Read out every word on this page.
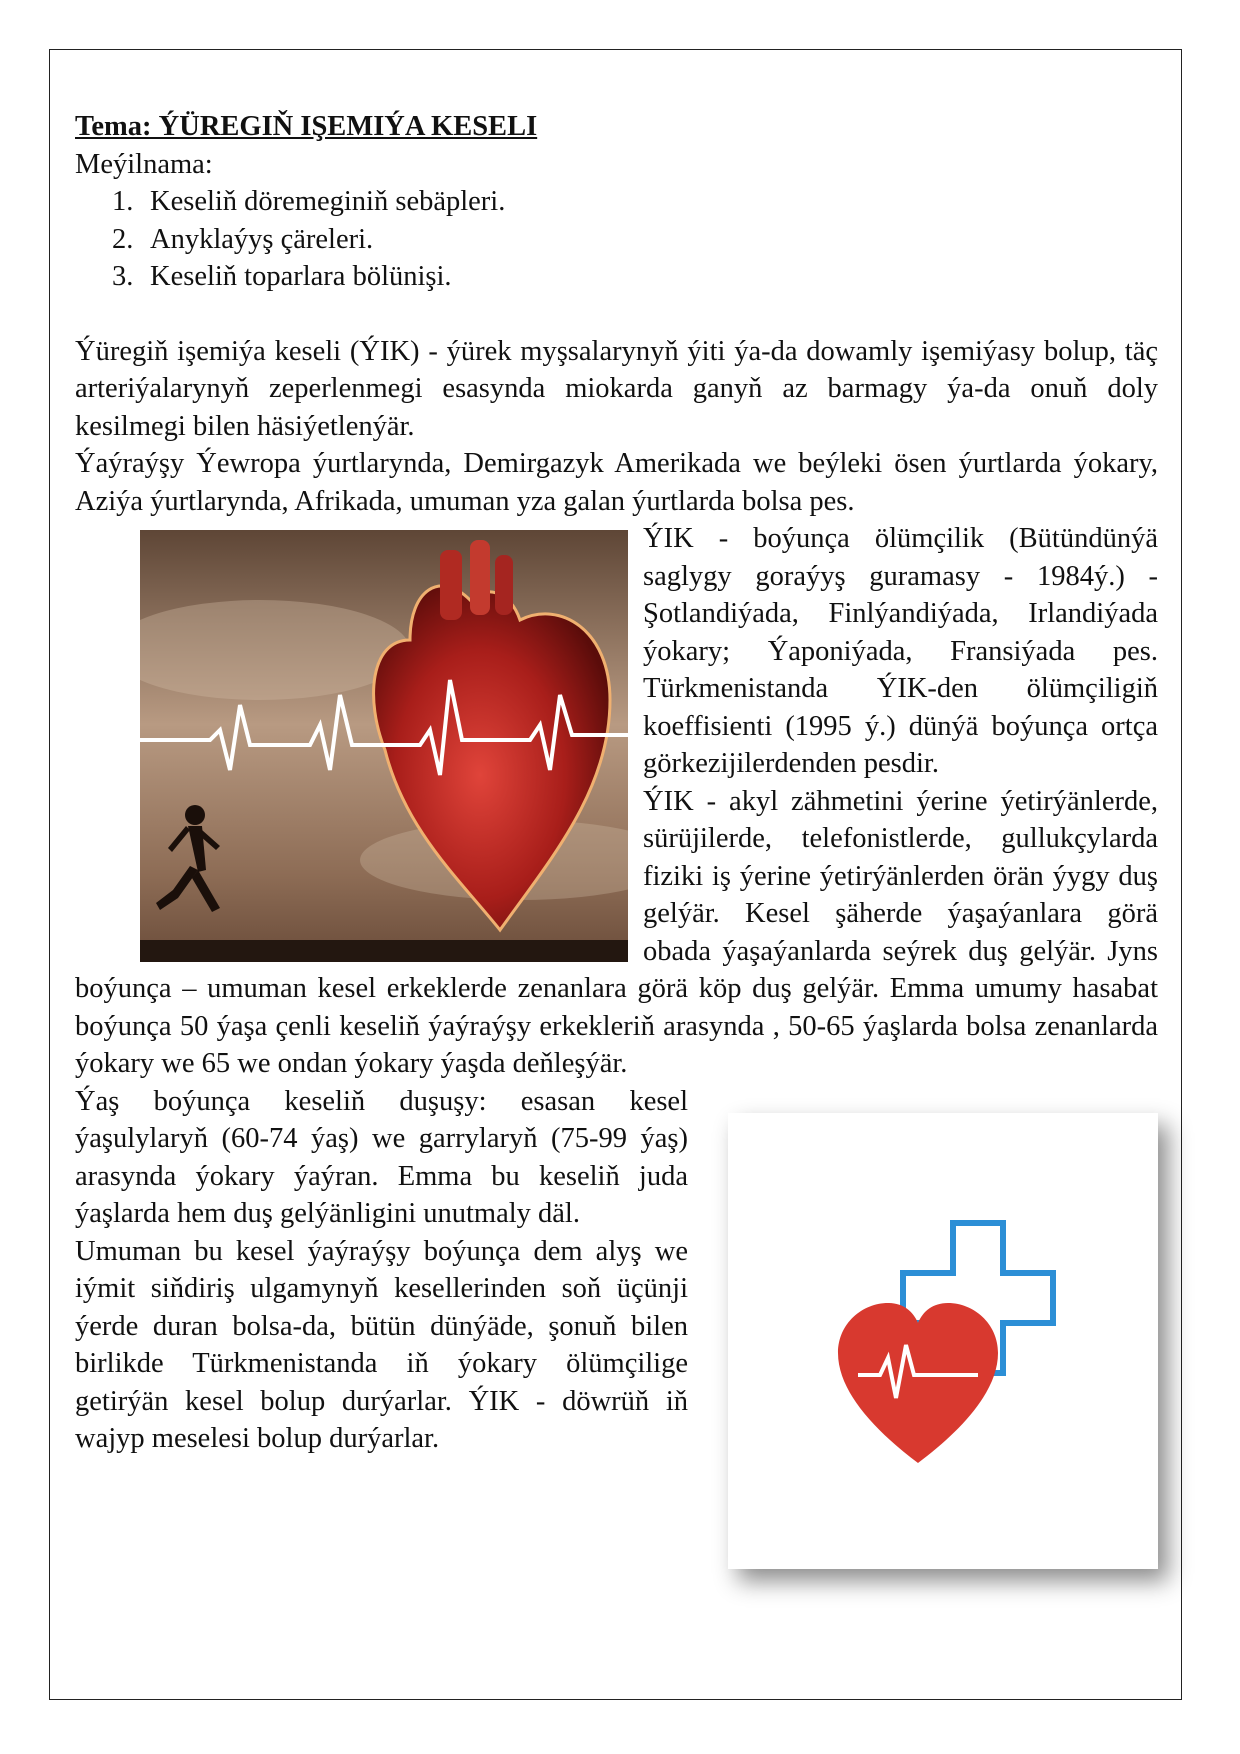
Tema: ÝÜREGIŇ IŞEMIÝA KESELI

Meýilnama:

1. Keseliň döremeginiň sebäpleri.
2. Anyklaýyş çäreleri.
3. Keseliň toparlara bölünişi.

Ýüregiň işemiýa keseli (ÝIK) - ýürek myşsalarynyň ýiti ýa-da dowamly işemiýasy bolup, täç arteriýalarynyň zeperlenmegi esasynda miokarda ganyň az barmagy ýa-da onuň doly kesilmegi bilen häsiýetlenýär.

Ýaýraýşy Ýewropa ýurtlarynda, Demirgazyk Amerikada we beýleki ösen ýurtlarda ýokary, Aziýa ýurtlarynda, Afrikada, umuman yza galan ýurtlarda bolsa pes.

ÝIK - boýunça ölümçilik (Bütündünýä saglygy goraýyş guramasy - 1984ý.) - Şotlandiýada, Finlýandiýada, Irlandiýada ýokary; Ýaponiýada, Fransiýada pes. Türkmenistanda ÝIK-den ölümçiligiň koeffisienti (1995 ý.) dünýä boýunça ortça görkezijilerdenden pesdir.

ÝIK - akyl zähmetini ýerine ýetirýänlerde, sürüjilerde, telefonistlerde, gullukçylarda fiziki iş ýerine ýetirýänlerden örän ýygy duş gelýär. Kesel şäherde ýaşaýanlara görä obada ýaşaýanlarda seýrek duş gelýär. Jyns boýunça – umuman kesel erkeklerde zenanlara görä köp duş gelýär. Emma umumy hasabat boýunça 50 ýaşa çenli keseliň ýaýraýşy erkekleriň arasynda , 50-65 ýaşlarda bolsa zenanlarda ýokary we 65 we ondan ýokary ýaşda deňleşýär.

Ýaş boýunça keseliň duşuşy: esasan kesel ýaşulylaryň (60-74 ýaş) we garrylaryň (75-99 ýaş) arasynda ýokary ýaýran. Emma bu keseliň juda ýaşlarda hem duş gelýänligini unutmaly däl.

Umuman bu kesel ýaýraýşy boýunça dem alyş we iýmit siňdiriş ulgamynyň kesellerinden soň üçünji ýerde duran bolsa-da, bütün dünýäde, şonuň bilen birlikde Türkmenistanda iň ýokary ölümçilige getirýän kesel bolup durýarlar. ÝIK - döwrüň iň wajyp meselesi bolup durýarlar.
